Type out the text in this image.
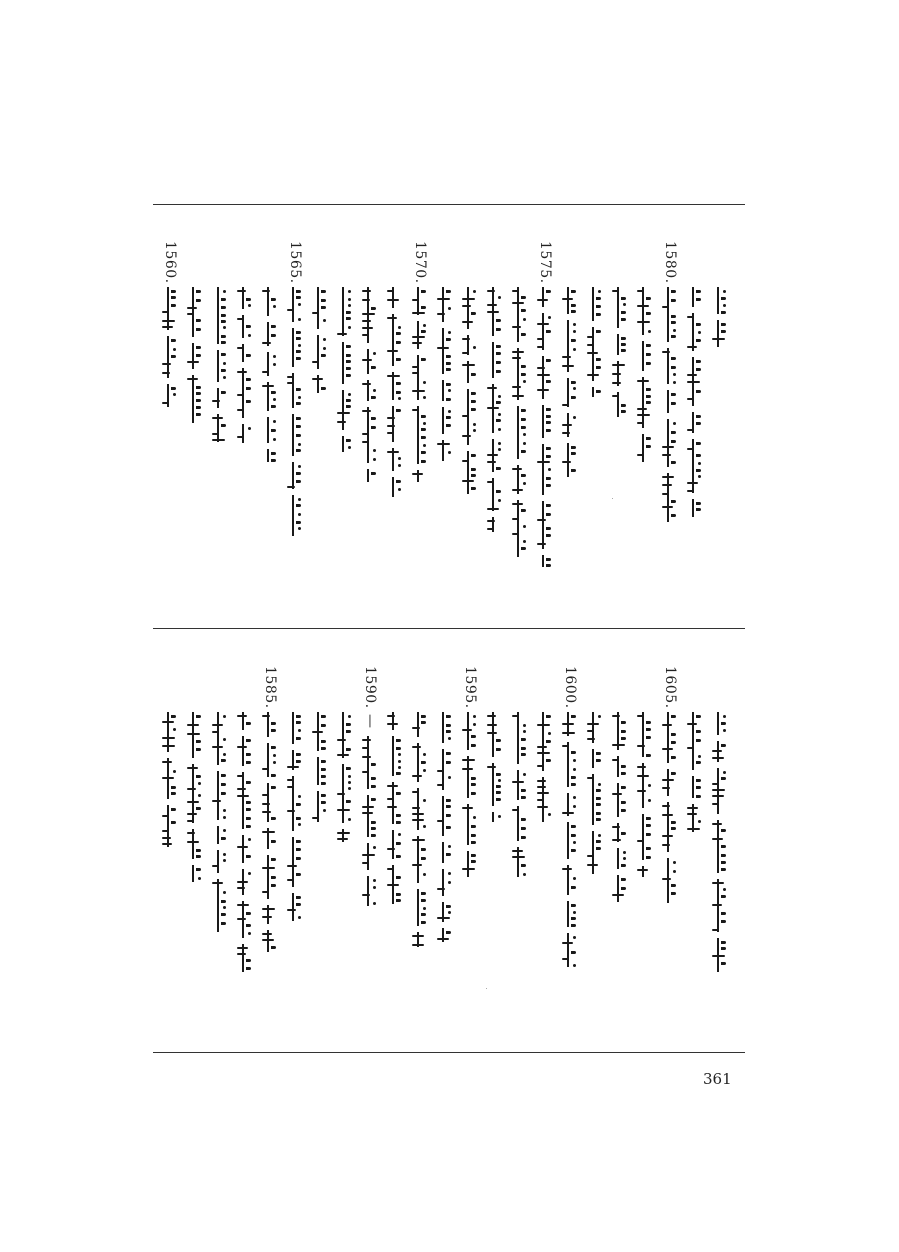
1580.
1575.
1570.
1565.
1560.
1605.
1600.
1595.
1590.
—
1585.
361
